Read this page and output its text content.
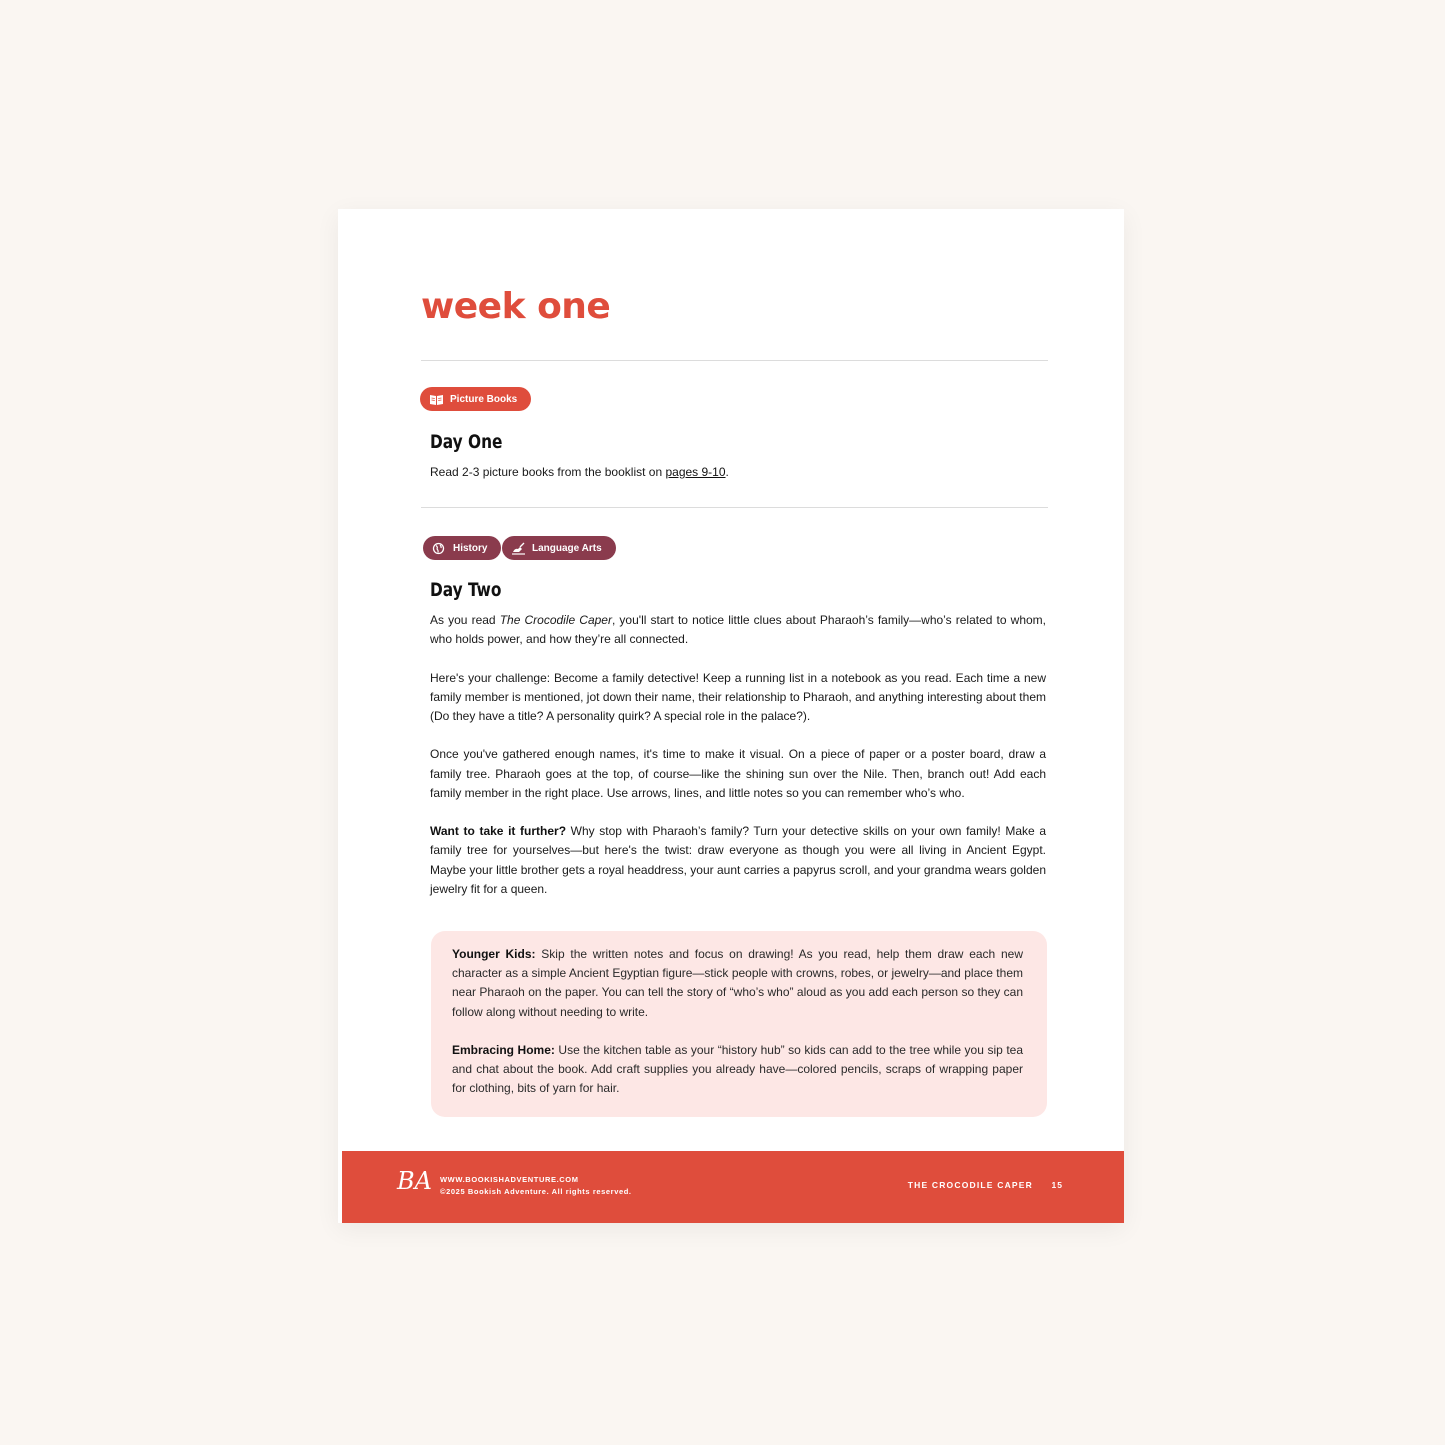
week one
Picture Books
Day One

Read 2-3 picture books from the booklist on pages 9-10.

History	Language Arts
Day Two

As you read The Crocodile Caper, you'll start to notice little clues about Pharaoh’s family—who’s related to whom, who holds power, and how they’re all connected.

Here's your challenge: Become a family detective! Keep a running list in a notebook as you read. Each time a new family member is mentioned, jot down their name, their relationship to Pharaoh, and anything interesting about them (Do they have a title? A personality quirk? A special role in the palace?).

Once you've gathered enough names, it's time to make it visual. On a piece of paper or a poster board, draw a family tree. Pharaoh goes at the top, of course—like the shining sun over the Nile. Then, branch out! Add each family member in the right place. Use arrows, lines, and little notes so you can remember who’s who.

Want to take it further? Why stop with Pharaoh’s family? Turn your detective skills on your own family! Make a family tree for yourselves—but here's the twist: draw everyone as though you were all living in Ancient Egypt. Maybe your little brother gets a royal headdress, your aunt carries a papyrus scroll, and your grandma wears golden jewelry fit for a queen.

Younger Kids: Skip the written notes and focus on drawing! As you read, help them draw each new character as a simple Ancient Egyptian figure—stick people with crowns, robes, or jewelry—and place them near Pharaoh on the paper. You can tell the story of “who’s who” aloud as you add each person so they can follow along without needing to write.

Embracing Home: Use the kitchen table as your “history hub” so kids can add to the tree while you sip tea and chat about the book. Add craft supplies you already have—colored pencils, scraps of wrapping paper for clothing, bits of yarn for hair.

BA WWW.BOOKISHADVENTURE.COM
©2025 Bookish Adventure. All rights reserved.
THE CROCODILE CAPER 15
